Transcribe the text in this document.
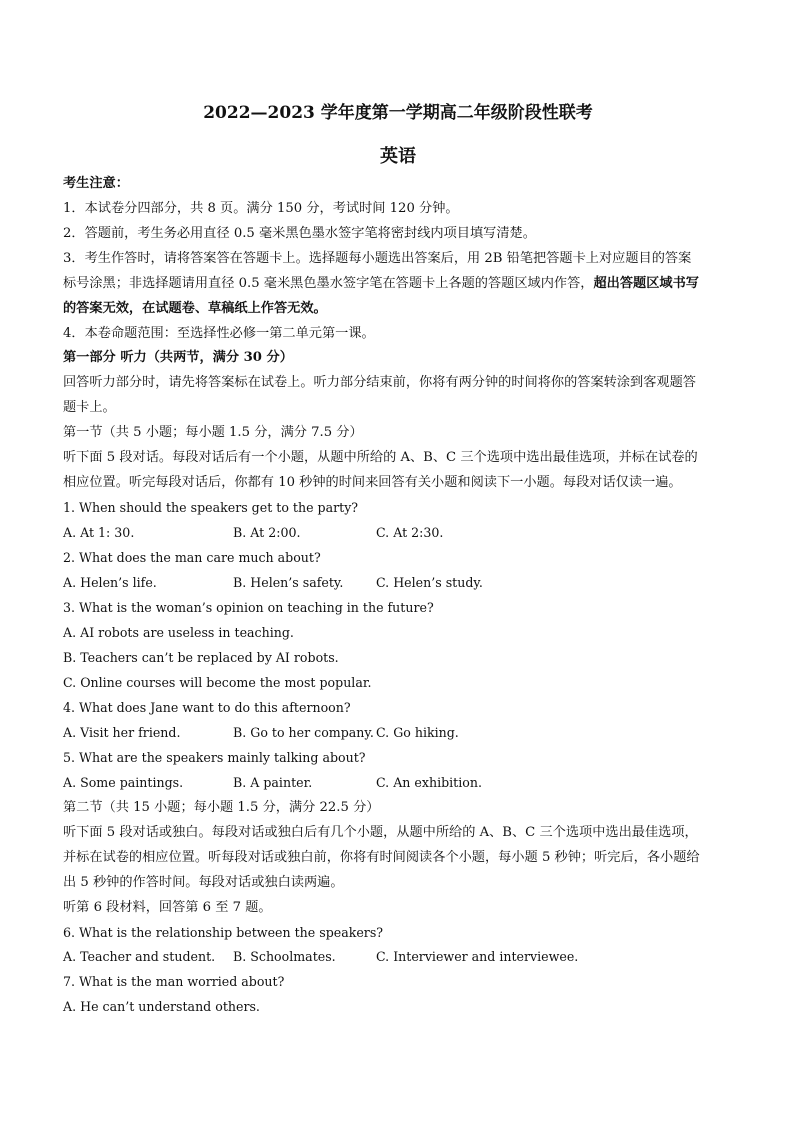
2022—2023 学年度第一学期高二年级阶段性联考
英语
考生注意：
1．本试卷分四部分，共 8 页。满分 150 分，考试时间 120 分钟。
2．答题前，考生务必用直径 0.5 毫米黑色墨水签字笔将密封线内项目填写清楚。
3．考生作答时，请将答案答在答题卡上。选择题每小题选出答案后，用 2B 铅笔把答题卡上对应题目的答案
标号涂黑；非选择题请用直径 0.5 毫米黑色墨水签字笔在答题卡上各题的答题区域内作答，超出答题区域书写
的答案无效，在试题卷、草稿纸上作答无效。
4．本卷命题范围：至选择性必修一第二单元第一课。
第一部分 听力（共两节，满分 30 分）
回答听力部分时，请先将答案标在试卷上。听力部分结束前，你将有两分钟的时间将你的答案转涂到客观题答
题卡上。
第一节（共 5 小题；每小题 1.5 分，满分 7.5 分）
听下面 5 段对话。每段对话后有一个小题，从题中所给的 A、B、C 三个选项中选出最佳选项，并标在试卷的
相应位置。听完每段对话后，你都有 10 秒钟的时间来回答有关小题和阅读下一小题。每段对话仅读一遍。
1. When should the speakers get to the party?
A. At 1: 30.	B. At 2:00.	C. At 2:30.
2. What does the man care much about?
A. Helen’s life.	B. Helen’s safety.	C. Helen’s study.
3. What is the woman’s opinion on teaching in the future?
A. AI robots are useless in teaching.
B. Teachers can’t be replaced by AI robots.
C. Online courses will become the most popular.
4. What does Jane want to do this afternoon?
A. Visit her friend.	B. Go to her company. C. Go hiking.
5. What are the speakers mainly talking about?
A. Some paintings.	B. A painter.	C. An exhibition.
第二节（共 15 小题；每小题 1.5 分，满分 22.5 分）
听下面 5 段对话或独白。每段对话或独白后有几个小题，从题中所给的 A、B、C 三个选项中选出最佳选项，
并标在试卷的相应位置。听每段对话或独白前，你将有时间阅读各个小题，每小题 5 秒钟；听完后，各小题给
出 5 秒钟的作答时间。每段对话或独白读两遍。
听第 6 段材料，回答第 6 至 7 题。
6. What is the relationship between the speakers?
A. Teacher and student. B. Schoolmates.	C. Interviewer and interviewee.
7. What is the man worried about?
A. He can’t understand others.
